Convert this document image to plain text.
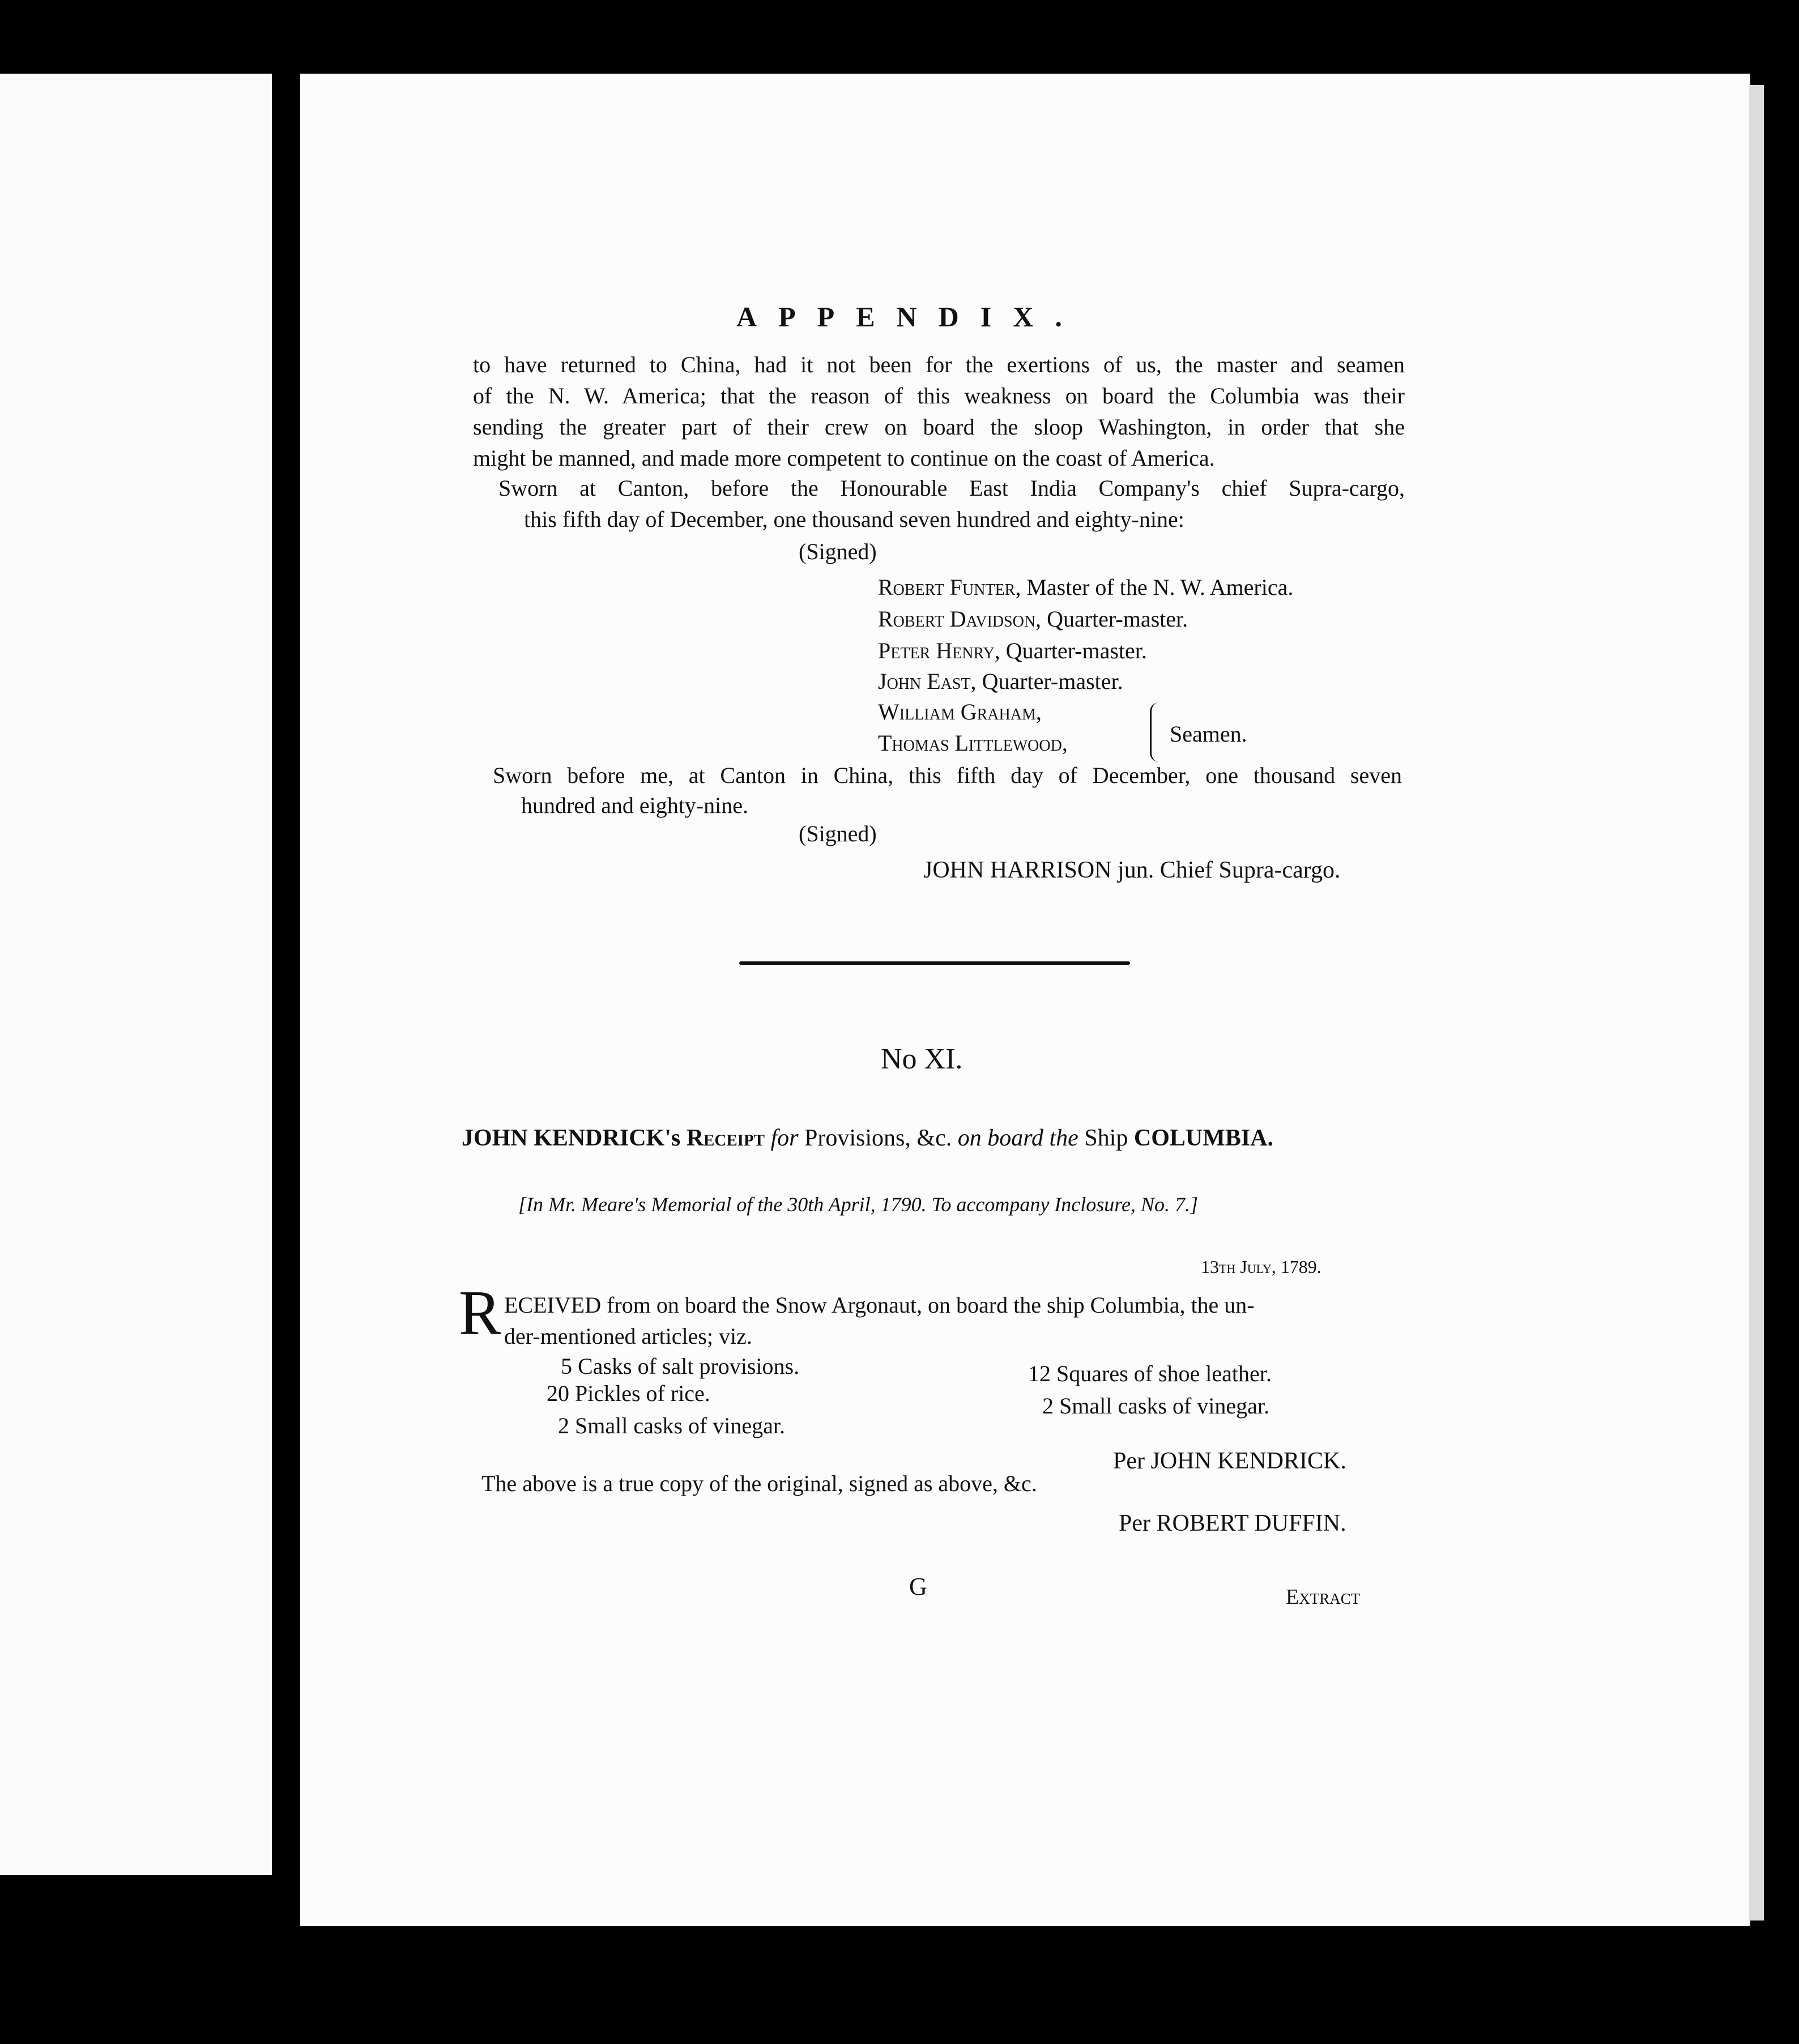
APPENDIX.
to have returned to China, had it not been for the exertions of us, the master and seamen
of the N. W. America; that the reason of this weakness on board the Columbia was their
sending the greater part of their crew on board the sloop Washington, in order that she
might be manned, and made more competent to continue on the coast of America.
Sworn at Canton, before the Honourable East India Company's chief Supra-cargo,
this fifth day of December, one thousand seven hundred and eighty-nine:
(Signed)
Robert Funter, Master of the N. W. America.
Robert Davidson, Quarter-master.
Peter Henry, Quarter-master.
John East, Quarter-master.
William Graham,
Thomas Littlewood,	Seamen.
Sworn before me, at Canton in China, this fifth day of December, one thousand seven
hundred and eighty-nine.
(Signed)
JOHN HARRISON jun. Chief Supra-cargo.
No XI.
JOHN KENDRICK's Receipt for Provisions, &c. on board the Ship COLUMBIA.
[In Mr. Meare's Memorial of the 30th April, 1790. To accompany Inclosure, No. 7.]
13th July, 1789.
R ECEIVED from on board the Snow Argonaut, on board the ship Columbia, the un-
der-mentioned articles; viz.
5 Casks of salt provisions.
20 Pickles of rice.
2 Small casks of vinegar.
12 Squares of shoe leather.
2 Small casks of vinegar.
Per JOHN KENDRICK.
The above is a true copy of the original, signed as above, &c.
Per ROBERT DUFFIN.
G	Extract
